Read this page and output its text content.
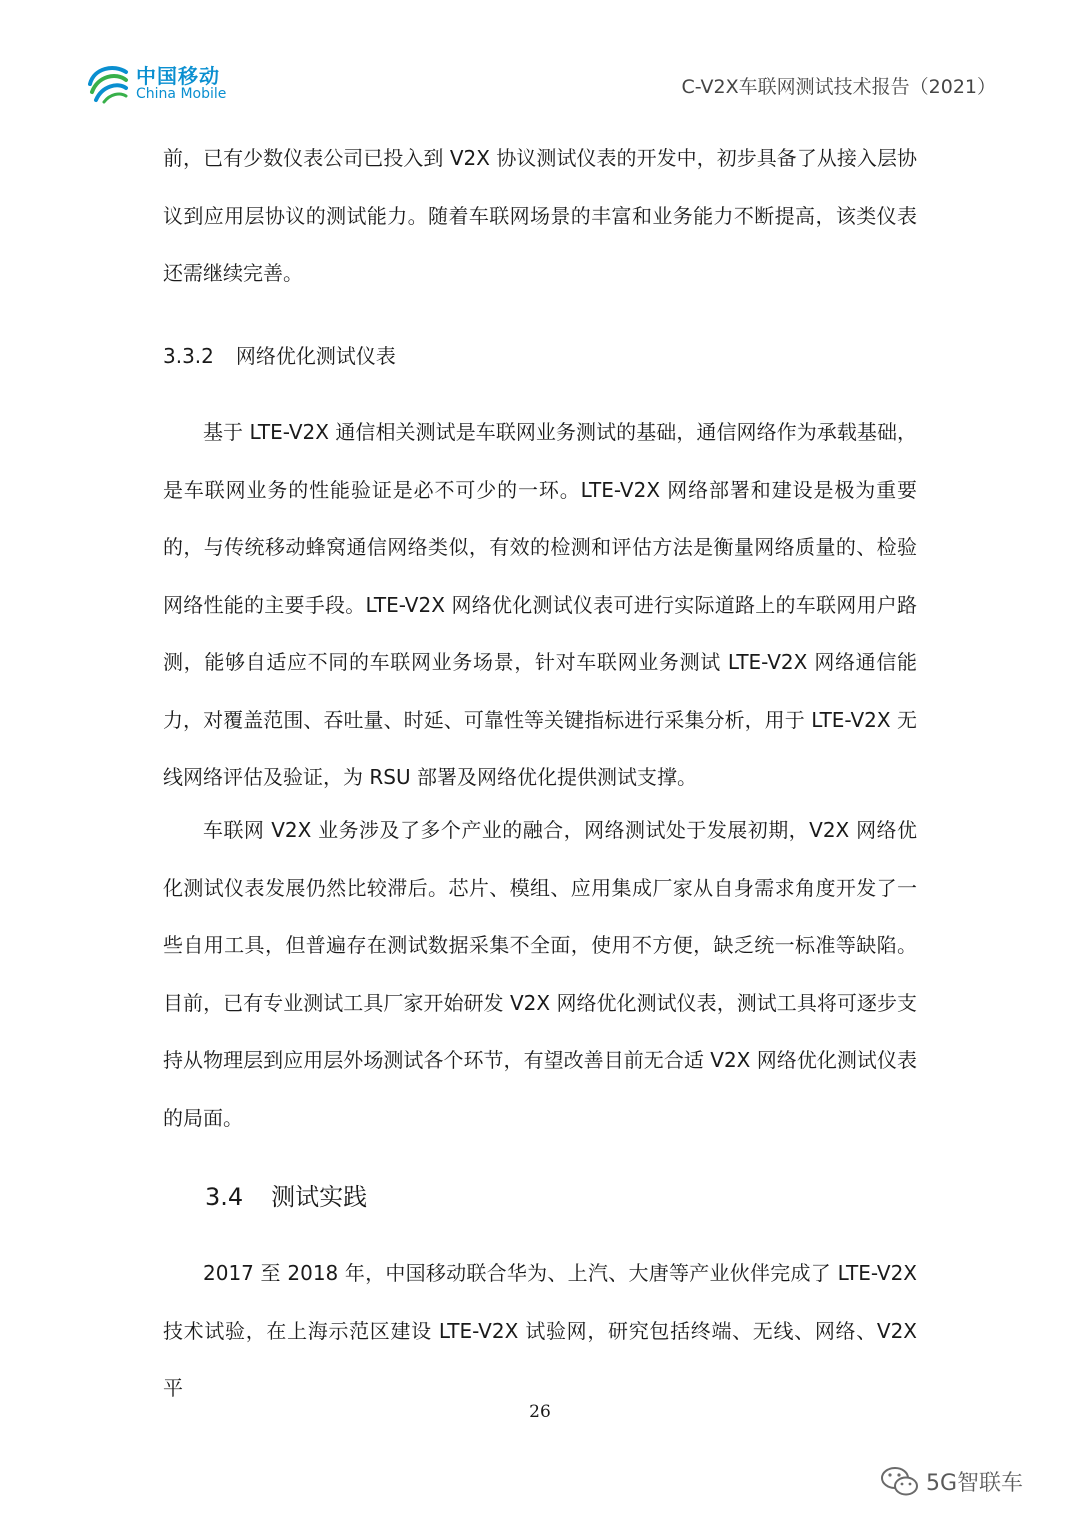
中国移动
China Mobile	C-V2X车联网测试技术报告（2021）

前，已有少数仪表公司已投入到 V2X 协议测试仪表的开发中，初步具备了从接入层协议到应用层协议的测试能力。随着车联网场景的丰富和业务能力不断提高，该类仪表还需继续完善。

3.3.2 网络优化测试仪表

基于 LTE-V2X 通信相关测试是车联网业务测试的基础，通信网络作为承载基础，是车联网业务的性能验证是必不可少的一环。LTE-V2X 网络部署和建设是极为重要的，与传统移动蜂窝通信网络类似，有效的检测和评估方法是衡量网络质量的、检验网络性能的主要手段。LTE-V2X 网络优化测试仪表可进行实际道路上的车联网用户路测，能够自适应不同的车联网业务场景，针对车联网业务测试 LTE-V2X 网络通信能力，对覆盖范围、吞吐量、时延、可靠性等关键指标进行采集分析，用于 LTE-V2X 无线网络评估及验证，为 RSU 部署及网络优化提供测试支撑。

车联网 V2X 业务涉及了多个产业的融合，网络测试处于发展初期，V2X 网络优化测试仪表发展仍然比较滞后。芯片、模组、应用集成厂家从自身需求角度开发了一些自用工具，但普遍存在测试数据采集不全面，使用不方便，缺乏统一标准等缺陷。目前，已有专业测试工具厂家开始研发 V2X 网络优化测试仪表，测试工具将可逐步支持从物理层到应用层外场测试各个环节，有望改善目前无合适 V2X 网络优化测试仪表的局面。

3.4 测试实践

2017 至 2018 年，中国移动联合华为、上汽、大唐等产业伙伴完成了 LTE-V2X 技术试验，在上海示范区建设 LTE-V2X 试验网，研究包括终端、无线、网络、V2X 平

26
5G智联车
